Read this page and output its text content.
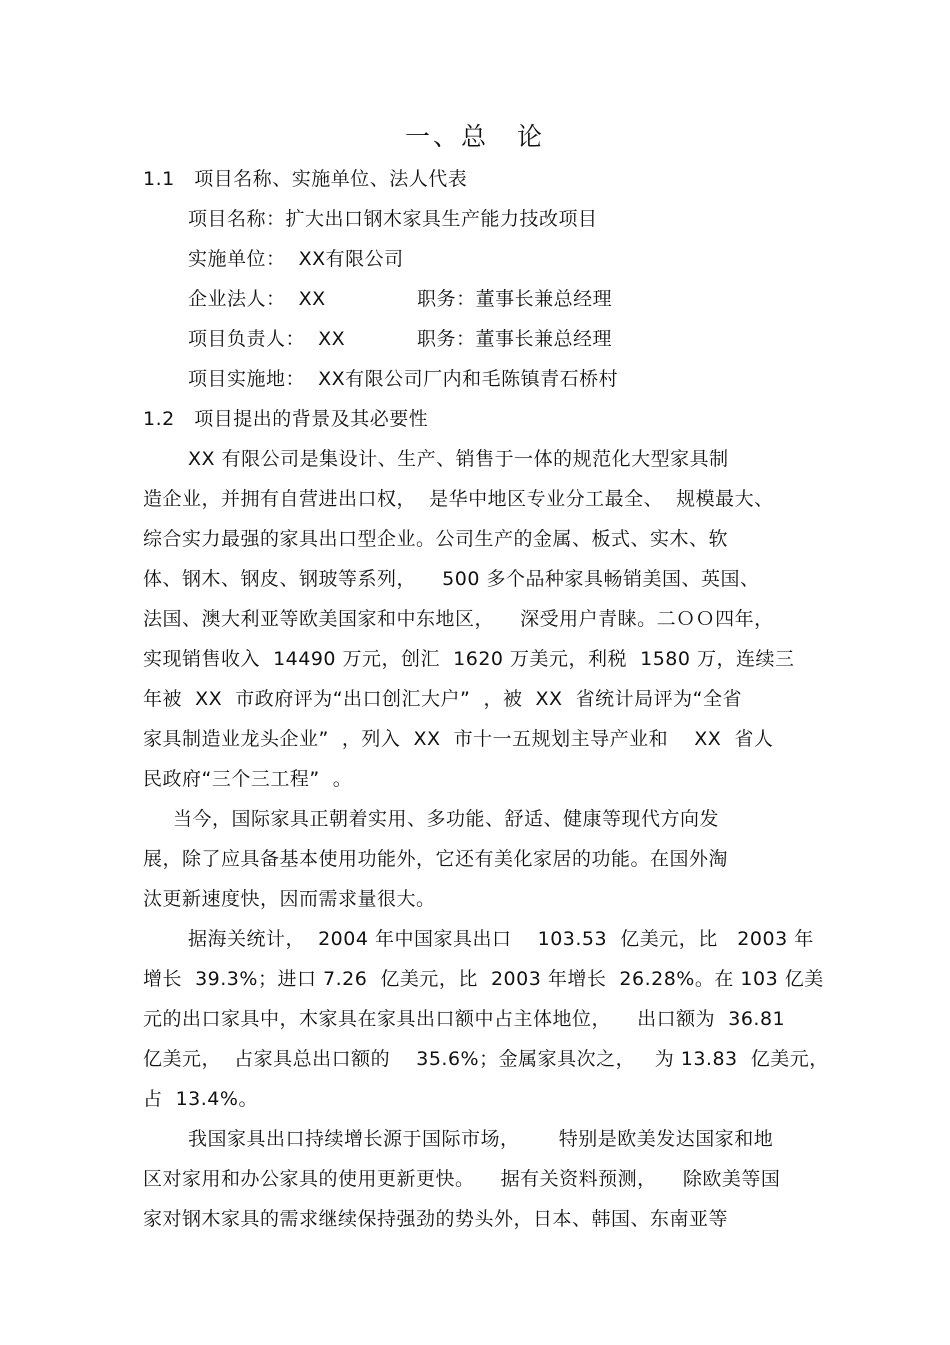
一、总　论
1.1　项目名称、实施单位、法人代表
项目名称：扩大出口钢木家具生产能力技改项目
实施单位：  XX有限公司
企业法人：  XX              职务：董事长兼总经理
项目负责人：  XX           职务：董事长兼总经理
项目实施地：  XX有限公司厂内和毛陈镇青石桥村
1.2　项目提出的背景及其必要性
XX 有限公司是集设计、生产、销售于一体的规范化大型家具制
造企业，并拥有自营进出口权，  是华中地区专业分工最全、  规模最大、
综合实力最强的家具出口型企业。公司生产的金属、板式、实木、软
体、钢木、钢皮、钢玻等系列，    500 多个品种家具畅销美国、英国、
法国、澳大利亚等欧美国家和中东地区，    深受用户青睐。二ＯＯ四年，
实现销售收入  14490 万元，创汇  1620 万美元，利税  1580 万，连续三
年被  XX  市政府评为“出口创汇大户”  ，被  XX  省统计局评为“全省
家具制造业龙头企业”  ，列入  XX  市十一五规划主导产业和    XX  省人
民政府“三个三工程”  。
当今，国际家具正朝着实用、多功能、舒适、健康等现代方向发
展，除了应具备基本使用功能外，它还有美化家居的功能。在国外淘
汰更新速度快，因而需求量很大。
据海关统计，  2004 年中国家具出口    103.53  亿美元，比   2003 年
增长  39.3%；进口 7.26  亿美元，比  2003 年增长  26.28%。在 103 亿美
元的出口家具中，木家具在家具出口额中占主体地位，    出口额为  36.81
亿美元，  占家具总出口额的    35.6%；金属家具次之，   为 13.83  亿美元，
占  13.4%。
我国家具出口持续增长源于国际市场，      特别是欧美发达国家和地
区对家用和办公家具的使用更新更快。    据有关资料预测，    除欧美等国
家对钢木家具的需求继续保持强劲的势头外，日本、韩国、东南亚等
